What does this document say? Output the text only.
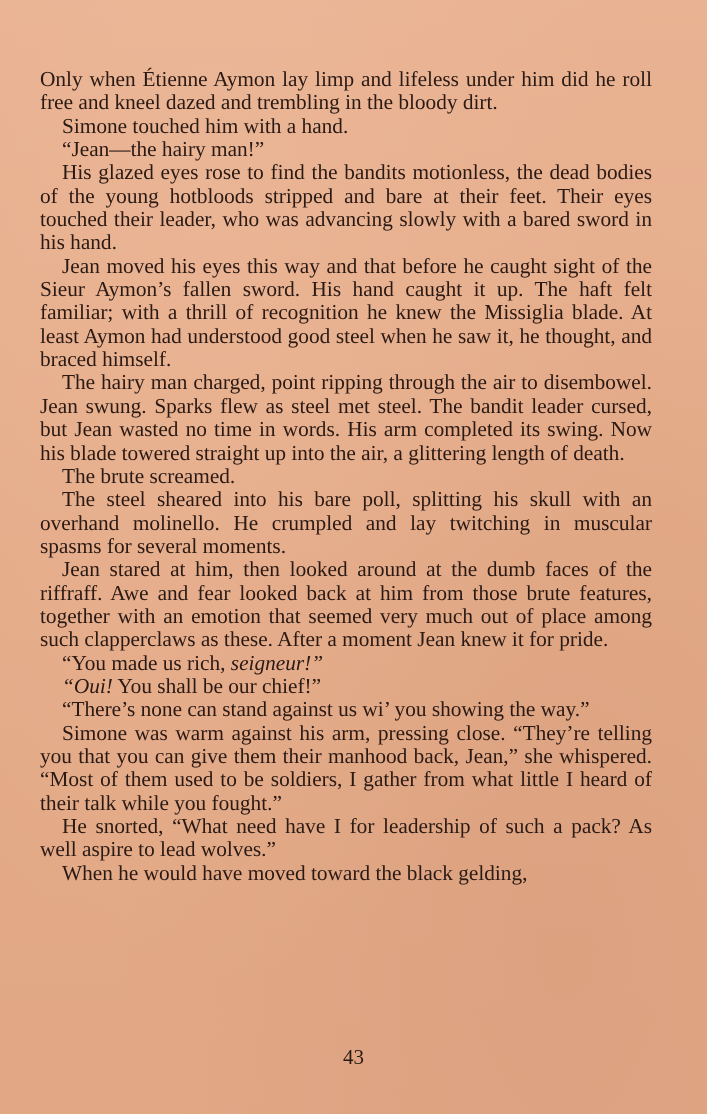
Only when Étienne Aymon lay limp and lifeless under him did he roll free and kneel dazed and trembling in the bloody dirt.

Simone touched him with a hand.

“Jean—the hairy man!”

His glazed eyes rose to find the bandits motionless, the dead bodies of the young hotbloods stripped and bare at their feet. Their eyes touched their leader, who was advancing slowly with a bared sword in his hand.

Jean moved his eyes this way and that before he caught sight of the Sieur Aymon’s fallen sword. His hand caught it up. The haft felt familiar; with a thrill of recognition he knew the Missiglia blade. At least Aymon had understood good steel when he saw it, he thought, and braced himself.

The hairy man charged, point ripping through the air to disembowel. Jean swung. Sparks flew as steel met steel. The bandit leader cursed, but Jean wasted no time in words. His arm completed its swing. Now his blade towered straight up into the air, a glittering length of death.

The brute screamed.

The steel sheared into his bare poll, splitting his skull with an overhand molinello. He crumpled and lay twitching in muscular spasms for several moments.

Jean stared at him, then looked around at the dumb faces of the riffraff. Awe and fear looked back at him from those brute features, together with an emotion that seemed very much out of place among such clapperclaws as these. After a moment Jean knew it for pride.

“You made us rich, seigneur!”

“Oui! You shall be our chief!”

“There’s none can stand against us wi’ you showing the way.”

Simone was warm against his arm, pressing close. “They’re telling you that you can give them their manhood back, Jean,” she whispered. “Most of them used to be soldiers, I gather from what little I heard of their talk while you fought.”

He snorted, “What need have I for leadership of such a pack? As well aspire to lead wolves.”

When he would have moved toward the black gelding,

43
